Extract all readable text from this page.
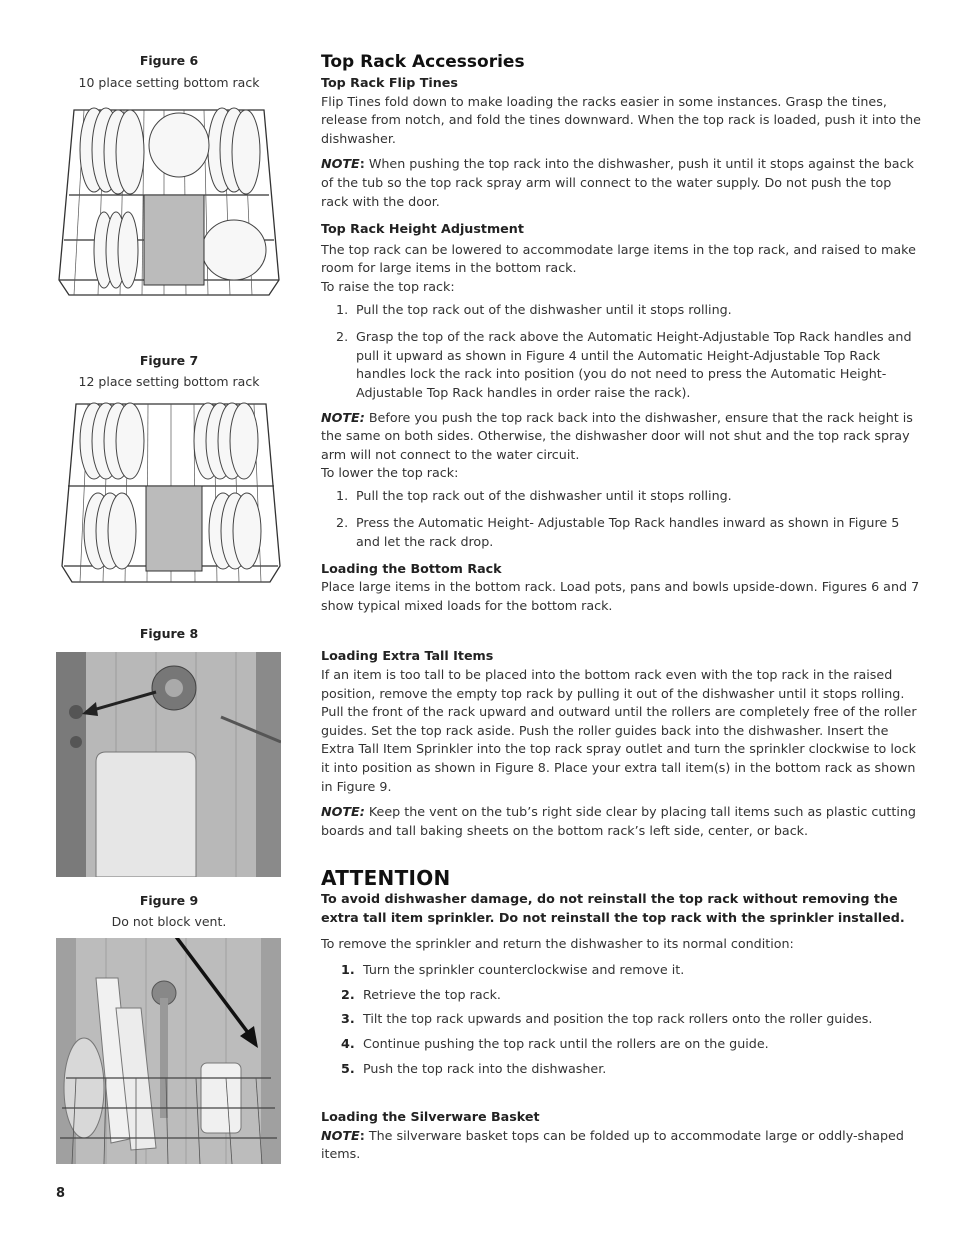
Figure 6
10 place setting bottom rack
Figure 7
12 place setting bottom rack
Figure 8
Figure 9
Do not block vent.

Top Rack Accessories

Top Rack Flip Tines

Flip Tines fold down to make loading the racks easier in some instances. Grasp the tines, release from notch, and fold the tines downward. When the top rack is loaded, push it into the dishwasher.

NOTE: When pushing the top rack into the dishwasher, push it until it stops against the back of the tub so the top rack spray arm will connect to the water supply. Do not push the top rack with the door.

Top Rack Height Adjustment

The top rack can be lowered to accommodate large items in the top rack, and raised to make room for large items in the bottom rack.

To raise the top rack:

1. Pull the top rack out of the dishwasher until it stops rolling.
2. Grasp the top of the rack above the Automatic Height-Adjustable Top Rack handles and pull it upward as shown in Figure 4 until the Automatic Height-Adjustable Top Rack handles lock the rack into position (you do not need to press the Automatic Height-Adjustable Top Rack handles in order raise the rack).

NOTE: Before you push the top rack back into the dishwasher, ensure that the rack height is the same on both sides. Otherwise, the dishwasher door will not shut and the top rack spray arm will not connect to the water circuit.

To lower the top rack:

1. Pull the top rack out of the dishwasher until it stops rolling.
2. Press the Automatic Height- Adjustable Top Rack handles inward as shown in Figure 5 and let the rack drop.

Loading the Bottom Rack

Place large items in the bottom rack. Load pots, pans and bowls upside-down. Figures 6 and 7 show typical mixed loads for the bottom rack.

Loading Extra Tall Items

If an item is too tall to be placed into the bottom rack even with the top rack in the raised position, remove the empty top rack by pulling it out of the dishwasher until it stops rolling. Pull the front of the rack upward and outward until the rollers are completely free of the roller guides. Set the top rack aside. Push the roller guides back into the dishwasher. Insert the Extra Tall Item Sprinkler into the top rack spray outlet and turn the sprinkler clockwise to lock it into position as shown in Figure 8. Place your extra tall item(s) in the bottom rack as shown in Figure 9.

NOTE: Keep the vent on the tub’s right side clear by placing tall items such as plastic cutting boards and tall baking sheets on the bottom rack’s left side, center, or back.

ATTENTION

To avoid dishwasher damage, do not reinstall the top rack without removing the extra tall item sprinkler. Do not reinstall the top rack with the sprinkler installed.

To remove the sprinkler and return the dishwasher to its normal condition:

1. Turn the sprinkler counterclockwise and remove it.
2. Retrieve the top rack.
3. Tilt the top rack upwards and position the top rack rollers onto the roller guides.
4. Continue pushing the top rack until the rollers are on the guide.
5. Push the top rack into the dishwasher.

Loading the Silverware Basket

NOTE: The silverware basket tops can be folded up to accommodate large or oddly-shaped items.

8
